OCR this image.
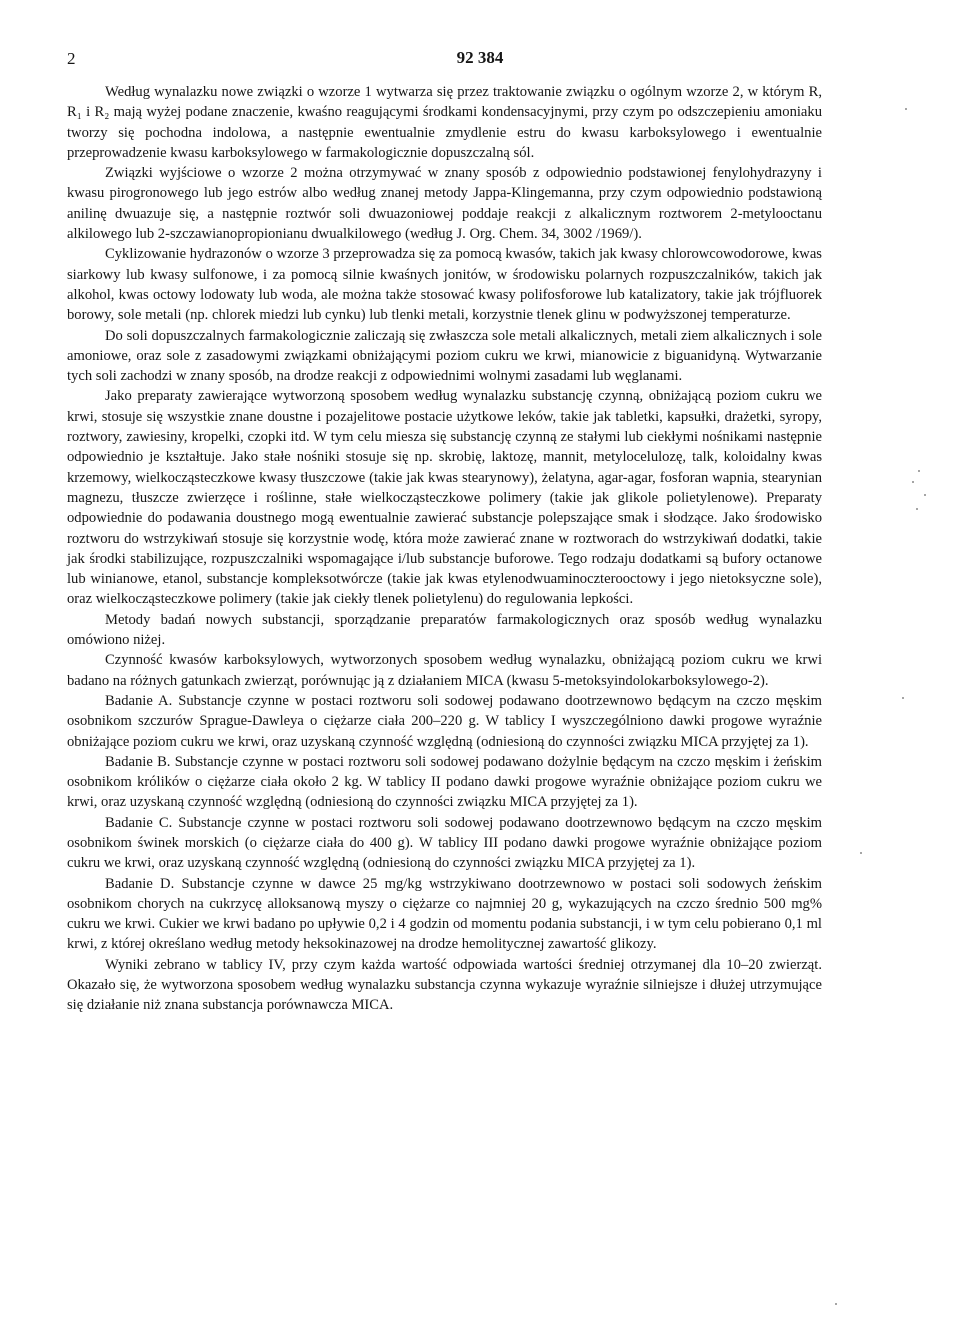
2	92 384

Według wynalazku nowe związki o wzorze 1 wytwarza się przez traktowanie związku o ogólnym wzorze 2, w którym R, R₁ i R₂ mają wyżej podane znaczenie, kwaśno reagującymi środkami kondensacyjnymi, przy czym po odszczepieniu amoniaku tworzy się pochodna indolowa, a następnie ewentualnie zmydlenie estru do kwasu karboksylowego i ewentualnie przeprowadzenie kwasu karboksylowego w farmakologicznie dopuszczalną sól.

Związki wyjściowe o wzorze 2 można otrzymywać w znany sposób z odpowiednio podstawionej fenylohydrazyny i kwasu pirogronowego lub jego estrów albo według znanej metody Jappa-Klingemanna, przy czym odpowiednio podstawioną anilinę dwuazuje się, a następnie roztwór soli dwuazoniowej poddaje reakcji z alkalicznym roztworem 2-metylooctanu alkilowego lub 2-szczawianopropionianu dwualkilowego (według J. Org. Chem. 34, 3002 /1969/).

Cyklizowanie hydrazonów o wzorze 3 przeprowadza się za pomocą kwasów, takich jak kwasy chlorowcowodorowe, kwas siarkowy lub kwasy sulfonowe, i za pomocą silnie kwaśnych jonitów, w środowisku polarnych rozpuszczalników, takich jak alkohol, kwas octowy lodowaty lub woda, ale można także stosować kwasy polifosforowe lub katalizatory, takie jak trójfluorek borowy, sole metali (np. chlorek miedzi lub cynku) lub tlenki metali, korzystnie tlenek glinu w podwyższonej temperaturze.

Do soli dopuszczalnych farmakologicznie zaliczają się zwłaszcza sole metali alkalicznych, metali ziem alkalicznych i sole amoniowe, oraz sole z zasadowymi związkami obniżającymi poziom cukru we krwi, mianowicie z biguanidyną. Wytwarzanie tych soli zachodzi w znany sposób, na drodze reakcji z odpowiednimi wolnymi zasadami lub węglanami.

Jako preparaty zawierające wytworzoną sposobem według wynalazku substancję czynną, obniżającą poziom cukru we krwi, stosuje się wszystkie znane doustne i pozajelitowe postacie użytkowe leków, takie jak tabletki, kapsułki, drażetki, syropy, roztwory, zawiesiny, kropelki, czopki itd. W tym celu miesza się substancję czynną ze stałymi lub ciekłymi nośnikami następnie odpowiednio je kształtuje. Jako stałe nośniki stosuje się np. skrobię, laktozę, mannit, metylocelulozę, talk, koloidalny kwas krzemowy, wielkocząsteczkowe kwasy tłuszczowe (takie jak kwas stearynowy), żelatyna, agar-agar, fosforan wapnia, stearynian magnezu, tłuszcze zwierzęce i roślinne, stałe wielkocząsteczkowe polimery (takie jak glikole polietylenowe). Preparaty odpowiednie do podawania doustnego mogą ewentualnie zawierać substancje polepszające smak i słodzące. Jako środowisko roztworu do wstrzykiwań stosuje się korzystnie wodę, która może zawierać znane w roztworach do wstrzykiwań dodatki, takie jak środki stabilizujące, rozpuszczalniki wspomagające i/lub substancje buforowe. Tego rodzaju dodatkami są bufory octanowe lub winianowe, etanol, substancje kompleksotwórcze (takie jak kwas etylenodwuaminoczterooctowy i jego nietoksyczne sole), oraz wielkocząsteczkowe polimery (takie jak ciekły tlenek polietylenu) do regulowania lepkości.

Metody badań nowych substancji, sporządzanie preparatów farmakologicznych oraz sposób według wynalazku omówiono niżej.

Czynność kwasów karboksylowych, wytworzonych sposobem według wynalazku, obniżającą poziom cukru we krwi badano na różnych gatunkach zwierząt, porównując ją z działaniem MICA (kwasu 5-metoksyindolokarboksylowego-2).

Badanie A. Substancje czynne w postaci roztworu soli sodowej podawano dootrzewnowo będącym na czczo męskim osobnikom szczurów Sprague-Dawleya o ciężarze ciała 200–220 g. W tablicy I wyszczególniono dawki progowe wyraźnie obniżające poziom cukru we krwi, oraz uzyskaną czynność względną (odniesioną do czynności związku MICA przyjętej za 1).

Badanie B. Substancje czynne w postaci roztworu soli sodowej podawano dożylnie będącym na czczo męskim i żeńskim osobnikom królików o ciężarze ciała około 2 kg. W tablicy II podano dawki progowe wyraźnie obniżające poziom cukru we krwi, oraz uzyskaną czynność względną (odniesioną do czynności związku MICA przyjętej za 1).

Badanie C. Substancje czynne w postaci roztworu soli sodowej podawano dootrzewnowo będącym na czczo męskim osobnikom świnek morskich (o ciężarze ciała do 400 g). W tablicy III podano dawki progowe wyraźnie obniżające poziom cukru we krwi, oraz uzyskaną czynność względną (odniesioną do czynności związku MICA przyjętej za 1).

Badanie D. Substancje czynne w dawce 25 mg/kg wstrzykiwano dootrzewnowo w postaci soli sodowych żeńskim osobnikom chorych na cukrzycę alloksanową myszy o ciężarze co najmniej 20 g, wykazujących na czczo średnio 500 mg% cukru we krwi. Cukier we krwi badano po upływie 0,2 i 4 godzin od momentu podania substancji, i w tym celu pobierano 0,1 ml krwi, z której określano według metody heksokinazowej na drodze hemolitycznej zawartość glikozy.

Wyniki zebrano w tablicy IV, przy czym każda wartość odpowiada wartości średniej otrzymanej dla 10–20 zwierząt. Okazało się, że wytworzona sposobem według wynalazku substancja czynna wykazuje wyraźnie silniejsze i dłużej utrzymujące się działanie niż znana substancja porównawcza MICA.
